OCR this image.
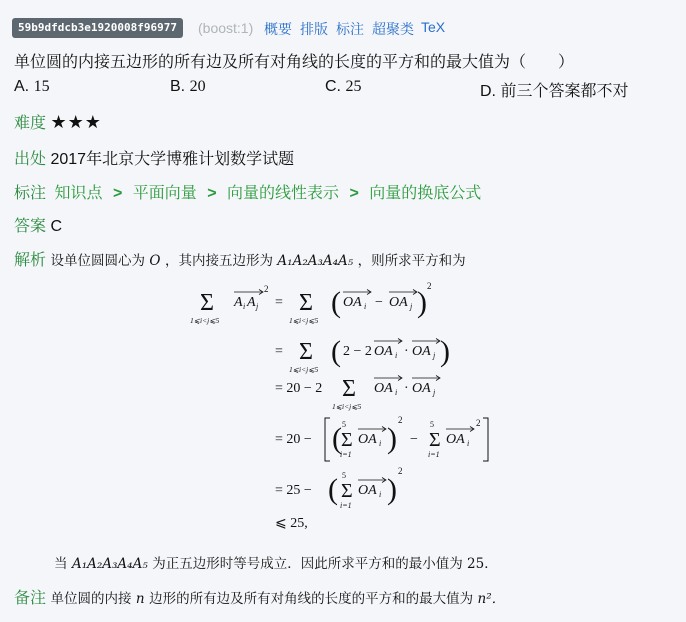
59b9dfdcb3e1920008f96977	(boost:1) 概要 排版 标注 超聚类 TeX
单位圆的内接五边形的所有边及所有对角线的长度的平方和的最大值为（　　）
A. 15	B. 20	C. 25	D. 前三个答案都不对
难度 ★★★
出处 2017年北京大学博雅计划数学试题
标注 知识点 > 平面向量 > 向量的线性表示 > 向量的换底公式
答案 C
解析 设单位圆圆心为 O ，其内接五边形为 A₁A₂A₃A₄A₅ ，则所求平方和为
Σ
1⩽i<j⩽5
A i A j
2
= Σ
1⩽i<j⩽5
( OA i − OA j ) 2
= Σ
1⩽i<j⩽5
( 2 − 2 OA i · OA j )
= 20 − 2 Σ
1⩽i<j⩽5
OA i · OA j
= 20 − ( 5
Σ
i=1
OA i )
2
−
5
Σ
i=1
OA i
2
= 25 − ( 5
Σ
i=1
OA i )
2
⩽ 25,
当 A₁A₂A₃A₄A₅ 为正五边形时等号成立．因此所求平方和的最小值为 25．
备注 单位圆的内接 n 边形的所有边及所有对角线的长度的平方和的最大值为 n²．
